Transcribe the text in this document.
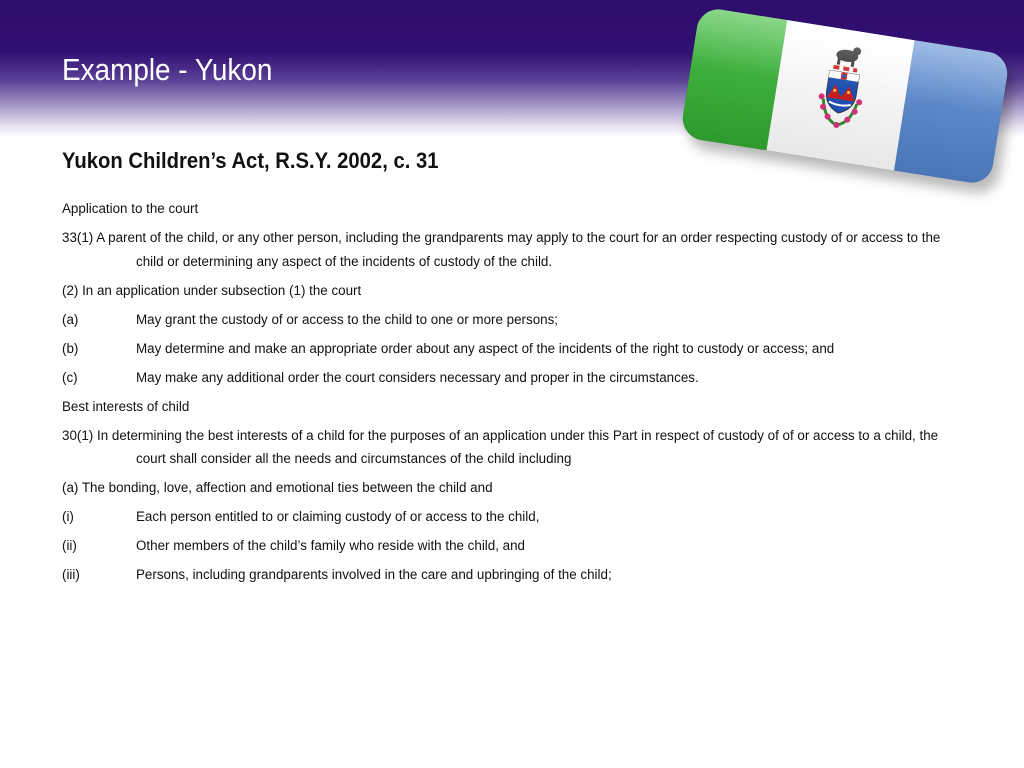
Example - Yukon
Yukon Children’s Act, R.S.Y. 2002, c. 31

Application to the court

33(1) A parent of the child, or any other person, including the grandparents may apply to the court for an order respecting custody of or access to the child or determining any aspect of the incidents of custody of the child.

(2) In an application under subsection (1) the court

(a)	May grant the custody of or access to the child to one or more persons;

(b)	May determine and make an appropriate order about any aspect of the incidents of the right to custody or access; and

(c)	May make any additional order the court considers necessary and proper in the circumstances.

Best interests of child

30(1) In determining the best interests of a child for the purposes of an application under this Part in respect of custody of of or access to a child, the court shall consider all the needs and circumstances of the child including

(a) The bonding, love, affection and emotional ties between the child and

(i)	Each person entitled to or claiming custody of or access to the child,

(ii)	Other members of the child’s family who reside with the child, and

(iii)	Persons, including grandparents involved in the care and upbringing of the child;
